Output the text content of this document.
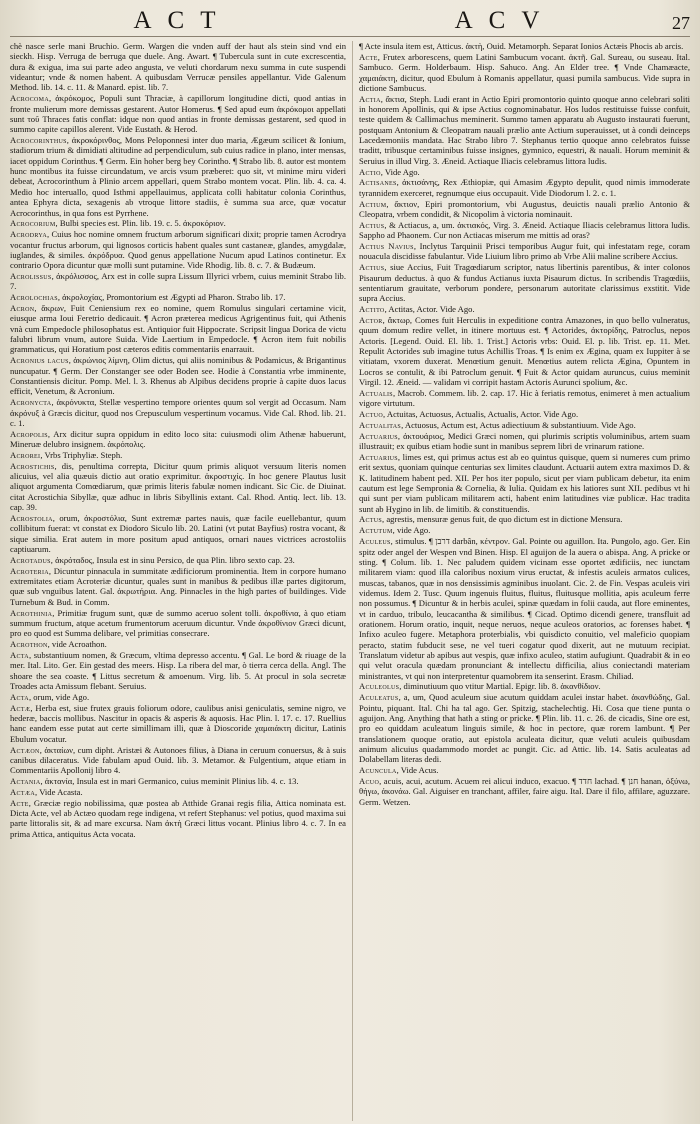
ACT	ACV	27

chè nasce serle mani Bruchio. Germ. Wargen die vnden auff der haut als stein sind vnd ein sieckh. Hisp. Verruga de berruga que duele. Ang. Awart. ¶ Tubercula sunt in cute excrescentia, dura & exigua, ima sui parte adeo angusta, ve veluti chordarum nexu summa in cute suspendi videantur; vnde & nomen habent. A quibusdam Verrucæ pensiles appellantur. Vide Galenum Method. lib. 14. c. 11. & Manard. epist. lib. 7.

Acrocoma, ἀκρόκομος, Populi sunt Thraciæ, à capillorum longitudine dicti, quod antias in fronte mulierum more demissas gestarent. Autor Homerus. ¶ Sed apud eum ἀκρόκομοι appellati sunt τοῦ Thraces fatis conflat: idque non quod antias in fronte demissas gestarent, sed quod in summo capite capillos alerent. Vide Eustath. & Herod.

Acrocorinthus, ἀκροκόρινθος, Mons Peloponnesi inter duo maria, Ægæum scilicet & Ionium, stadiorum trium & dimidiati altitudine ad perpendiculum, sub cuius radice in plano, inter mensas, iacet oppidum Corinthus. ¶ Germ. Ein hoher berg bey Corintho. ¶ Strabo lib. 8. autor est montem hunc montibus ita fuisse circundatum, ve arcis vsum præberet: quo sit, vt minime miru videri debeat, Acrocorinthum à Plinio arcem appellari, quem Strabo montem vocat. Plin. lib. 4. ca. 4. Medio hoc interuallo, quod Isthmi appellauimus, applicata colli habitatur colonia Corinthus, antea Ephyra dicta, sexagenis ab vtroque littore stadiis, è summa sua arce, quæ vocatur Acrocorinthus, in qua fons est Pyrrhene.

Acrocorium, Bulbi species est. Plin. lib. 19. c. 5. ἀκροκόριον.

Acrodrya, Cuius hoc nomine omnem fructum arborum significari dixit; proprie tamen Acrodrya vocantur fructus arborum, qui lignosos corticis habent quales sunt castaneæ, glandes, amygdalæ, iuglandes, & similes. ἀκρόδρυα. Quod genus appellatione Nucum apud Latinos continetur. Ex contrario Opora dicuntur quæ molli sunt putamine. Vide Rhodig. lib. 8. c. 7. & Budæum.

Acrolissus, ἀκρόλισσος, Arx est in colle supra Lissum Illyrici vrbem, cuius meminit Strabo lib. 7.

Acrolochias, ἀκρολοχίας, Promontorium est Ægypti ad Pharon. Strabo lib. 17.

Acron, ἄκρων, Fuit Ceniensium rex eo nomine, quem Romulus singulari certamine vicit, eiusque arma Ioui Feretrio dedicauit. ¶ Acron præterea medicus Agrigentinus fuit, qui Athenis vnà cum Empedocle philosophatus est. Antiquior fuit Hippocrate. Scripsit lingua Dorica de victu falubri librum vnum, autore Suida. Vide Laertium in Empedocle. ¶ Acron item fuit nobilis grammaticus, qui Horatium post cæteros editis commentariis enarrauit.

Acronius lacus, ἀκρώνιος λίμνη, Olim dictus, qui aliis nominibus & Podamicus, & Brigantinus nuncupatur. ¶ Germ. Der Constanger see oder Boden see. Hodie à Constantia vrbe imminente, Constantiensis dicitur. Pomp. Mel. l. 3. Rhenus ab Alpibus decidens proprie à capite duos lacus efficit, Venetum, & Acronium.

Acronycta, ἀκρόνυκτα, Stellæ vespertino tempore orientes quum sol vergit ad Occasum. Nam ἀκρόνυξ à Græcis dicitur, quod nos Crepusculum vespertinum vocamus. Vide Cal. Rhod. lib. 21. c. 1.

Acropolis, Arx dicitur supra oppidum in edito loco sita: cuiusmodi olim Athenæ habuerunt, Mineruæ delubro insignem. ἀκρόπολις.

Acrorei, Vrbs Triphyliæ. Steph.

Acrostichis, dis, penultima correpta, Dicitur quum primis aliquot versuum literis nomen alicuius, vel alia quæuis dictio aut oratio exprimitur. ἀκροστιχίς. In hoc genere Plautus lusit aliquot argumenta Comœdiarum, quæ primis literis fabulæ nomen indicant. Sic Cic. de Diuinat. citat Acrostichia Sibyllæ, quæ adhuc in libris Sibyllinis extant. Cal. Rhod. Antiq. lect. lib. 13. cap. 39.

Acrostolia, orum, ἀκροστόλια, Sunt extremæ partes nauis, quæ facile euellebantur, quum collibitum fuerat: vt constat ex Diodoro Siculo lib. 20. Latini (vt putat Bayfius) rostra vocant, & sique similia. Erat autem in more positum apud antiquos, ornari naues victrices acrostoliis captiuarum.

Acrotadus, ἀκρόταδος, Insula est in sinu Persico, de qua Plin. libro sexto cap. 23.

Acroteria, Dicuntur pinnacula in summitate ædificiorum prominentia. Item in corpore humano extremitates etiam Acroteriæ dicuntur, quales sunt in manibus & pedibus illæ partes digitorum, quæ sub vnguibus latent. Gal. ἀκρωτήρια. Ang. Pinnacles in the high partes of buildinges. Vide Turnebum & Bud. in Comm.

Acrothinia, Primitiæ frugum sunt, quæ de summo aceruo solent tolli. ἀκροθίνια, à quo etiam summum fructum, atque acetum frumentorum aceruum dicuntur. Vnde ἀκροθίνιον Græci dicunt, pro eo quod est Summa delibare, vel primitias consecrare.

Acrothon, vide Acroathon.

Acta, substantiuum nomen, & Græcum, vltima depresso accentu. ¶ Gal. Le bord & riuage de la mer. Ital. Lito. Ger. Ein gestad des meers. Hisp. La ribera del mar, ò tierra cerca della. Angl. The shoare the sea coaste. ¶ Littus secretum & amoenum. Virg. lib. 5. At procul in sola secretæ Troades acta Amissum flebant. Seruius.

Acta, orum, vide Ago.

Actæ, Herba est, siue frutex grauis foliorum odore, caulibus anisi geniculatis, semine nigro, ve hederæ, baccis mollibus. Nascitur in opacis & asperis & aquosis. Hac Plin. l. 17. c. 17. Ruellius hanc eandem esse putat aut certe simillimam illi, quæ à Dioscoride χαμαιάκτη dicitur, Latinis Ebulum vocatur.

Actæon, ἀκταίων, cum dipht. Aristæi & Autonoes filius, à Diana in ceruum conuersus, & à suis canibus dilaceratus. Vide fabulam apud Ouid. lib. 3. Metamor. & Fulgentium, atque etiam in Commentariis Apollonij libro 4.

Actania, ἀκτανία, Insula est in mari Germanico, cuius meminit Plinius lib. 4. c. 13.

Actæa, Vide Acasta.

Acte, Græciæ regio nobilissima, quæ postea ab Atthide Granai regis filia, Attica nominata est. Dicta Acte, vel ab Actæo quodam rege indigena, vt refert Stephanus: vel potius, quod maxima sui parte littoralis sit, & ad mare excursa. Nam ἀκτὴ Græci littus vocant. Plinius libro 4. c. 7. In ea prima Attica, antiquitus Acta vocata.

¶ Acte insula item est, Atticus. ἀκτὴ, Ouid. Metamorph. Separat Ionios Actæis Phocis ab arcis.

Acte, Frutex arborescens, quem Latini Sambucum vocant. ἀκτῆ. Gal. Sureau, ou suseau. Ital. Sambuco. Germ. Holderbaum. Hisp. Sahuco. Ang. An Elder tree. ¶ Vnde Chamæacte, χαμαιάκτη, dicitur, quod Ebulum à Romanis appellatur, quasi pumila sambucus. Vide supra in dictione Sambucus.

Actia, ἄκτια, Steph. Ludi erant in Actio Epiri promontorio quinto quoque anno celebrari soliti in honorem Apollinis, qui & ipse Actius cognominabatur. Hos ludos restituisse fuisse confuit, teste quidem & Callimachus meminerit. Summo tamen apparatu ab Augusto instaurati fuerunt, postquam Antonium & Cleopatram nauali prælio ante Actium superauisset, ut à condi deinceps Lacedæmoniis mandata. Hac Strabo libro 7. Stephanus tertio quoque anno celebratos fuisse traditt, tribusque certaminibus fuisse insignes, gymnico, equestri, & nauali. Horum meminit & Seruius in illud Virg. 3. Æneid. Actiaque Iliacis celebramus littora ludis.

Actio, Vide Ago.

Actisanes, ἀκτισάνης, Rex Æthiopiæ, qui Amasim Ægypto depulit, quod nimis immoderate tyrannidem exerceret, regnumque eius occupauit. Vide Diodorum l. 2. c. 1.

Actium, ἄκτιον, Epiri promontorium, vbi Augustus, deuictis nauali prælio Antonio & Cleopatra, vrbem condidit, & Nicopolim à victoria nominauit.

Actius, & Actiacus, a, um. ἀκτιακός, Virg. 3. Æneid. Actiaque Iliacis celebramus littora ludis. Sappho ad Phaonem. Cur non Actiacas miserum me mittis ad oras?

Actius Navius, Inclytus Tarquinii Prisci temporibus Augur fuit, qui infestatam rege, coram nouacula discidisse fabulantur. Vide Liuium libro primo ab Vrbe Alii maline scribere Accius.

Actius, siue Accius, Fuit Tragœdiarum scriptor, natus libertinis parentibus, & inter colonos Pisaurum deductus. à quo & fundus Actianus iuxta Pisaurum dictus. In scribendis Tragœdiis, sententiarum grauitate, verborum pondere, personarum autoritate clarissimus exstitit. Vide supra Accius.

Actito, Actitas, Actor. Vide Ago.

Actor, ἄκτωρ, Comes fuit Herculis in expeditione contra Amazones, in quo bello vulneratus, quum domum redire vellet, in itinere mortuus est. ¶ Actorides, ἀκτορίδης, Patroclus, nepos Actoris. [Legend. Ouid. El. lib. 1. Trist.] Actoris vrbs: Ouid. El. p. lib. Trist. ep. 11. Met. Repulit Actorides sub imagine tutus Achillis Troas. ¶ Is enim ex Ægina, quam ex Iuppiter à se vitiatam, vxorem duxerat. Menœtium genuit. Menœtius autem relicta Ægina, Opuntem in Locros se contulit, & ibi Patroclum genuit. ¶ Fuit & Actor quidam auruncus, cuius meminit Virgil. 12. Æneid. — validam vi corripit hastam Actoris Aurunci spolium, &c.

Actualis, Macrob. Commem. lib. 2. cap. 17. Hic à feriatis remotus, enimeret à men actualium vigore virtutum.

Actuo, Actuitas, Actuosus, Actualis, Actualis, Actor. Vide Ago.

Actualitas, Actuosus, Actum est, Actus adiectiuum & substantiuum. Vide Ago.

Actuarius, ἀκτουάριος, Medici Græci nomen, qui plurimis scriptis voluminibus, artem suam illustrauit; ex quibus etiam hodie sunt in manibus seprem libri de vrinarum ratione.

Actuarius, limes est, qui primus actus est ab eo quintus quisque, quem si numeres cum primo erit sextus, quoniam quinque centurias sex limites claudunt. Actuarii autem extra maximos D. & K. latitudinem habent ped. XII. Per hos iter populo, sicut per viam publicam debetur, ita enim cautum est lege Sempronia & Cornelia, & Iulia. Quidam ex his latiores sunt XII. pedibus vt hi qui sunt per viam publicam militarem acti, habent enim latitudines viæ publicæ. Hac tradita sunt ab Hygino in lib. de limitib. & constituendis.

Actus, agrestis, mensuræ genus fuit, de quo dictum est in dictione Mensura.

Actutum, vide Ago.

Aculeus, stimulus. ¶ דרבן darbân, κέντρον. Gal. Pointe ou aguillon. Ita. Pungolo, ago. Ger. Ein spitz oder angel der Wespen vnd Binen. Hisp. El aguijon de la auera o abispa. Ang. A pricke or sting. ¶ Colum. lib. 1. Nec paludem quidem vicinam esse oportet ædificiis, nec iunctam militarem viam: quod illa caloribus noxium virus eructat, & infestis aculeis armatos culices, muscas, tabanos, quæ in nos densissimis agminibus inuolant. Cic. 2. de Fin. Vespas aculeis viri videmus. Idem 2. Tusc. Quum ingenuis fluitus, fluitus, fluitusque mollitia, apis aculeum ferre non possumus. ¶ Dicuntur & in herbis aculei, spinæ quædam in folii cauda, aut flore eminentes, vt in carduo, tribulo, leucacantha & similibus. ¶ Cicad. Optimo dicendi genere, transfluit ad orationem. Horum oratio, inquit, neque neruos, neque aculeos oratorios, ac forenses habet. ¶ Infixo aculeo fugere. Metaphora proterbialis, vbi quisdicto conuitio, vel maleficio quopiam peracto, statim fubducit sese, ne vel tueri cogatur quod dixerit, aut ne mutuum recipiat. Translatum videtur ab apibus aut vespis, quæ infixo aculeo, statim aufugiunt. Quadrabit & in eo qui velut oracula quædam pronunciant & intellectu difficilia, alius coniectandi materiam ministrantes, vt qui non interpretentur quamobrem ita senserint. Erasm. Chiliad.

Aculeolus, diminutiuum quo vtitur Martial. Epigr. lib. 8. ἀκανθίδιον.

Aculeatus, a, um, Quod aculeum siue acutum quiddam aculei instar habet. ἀκανθώδης, Gal. Pointu, piquant. Ital. Chi ha tal ago. Ger. Spitzig, stachelechtig. Hi. Cosa que tiene punta o aguijon. Ang. Anything that hath a sting or pricke. ¶ Plin. lib. 11. c. 26. de cicadis, Sine ore est, pro eo quiddam aculeatum linguis simile, & hoc in pectore, quæ rorem lambunt. ¶ Per translationem quoque oratio, aut epistola aculeata dicitur, quæ veluti aculeis quibusdam animum alicuius quadammodo mordet ac pungit. Cic. ad Attic. lib. 14. Satis aculeatas ad Dolabellam literas dedi.

Acuncula, Vide Acus.

Acuo, acuis, acui, acutum. Acuem rei alicui induco, exacuo. ¶ חדד lachad. ¶ חנן hanan, ὀξύνω, θήγω, ἀκονάω. Gal. Aiguiser en tranchant, affiler, faire aigu. Ital. Dare il filo, affilare, aguzzare. Germ. Wetzen.
